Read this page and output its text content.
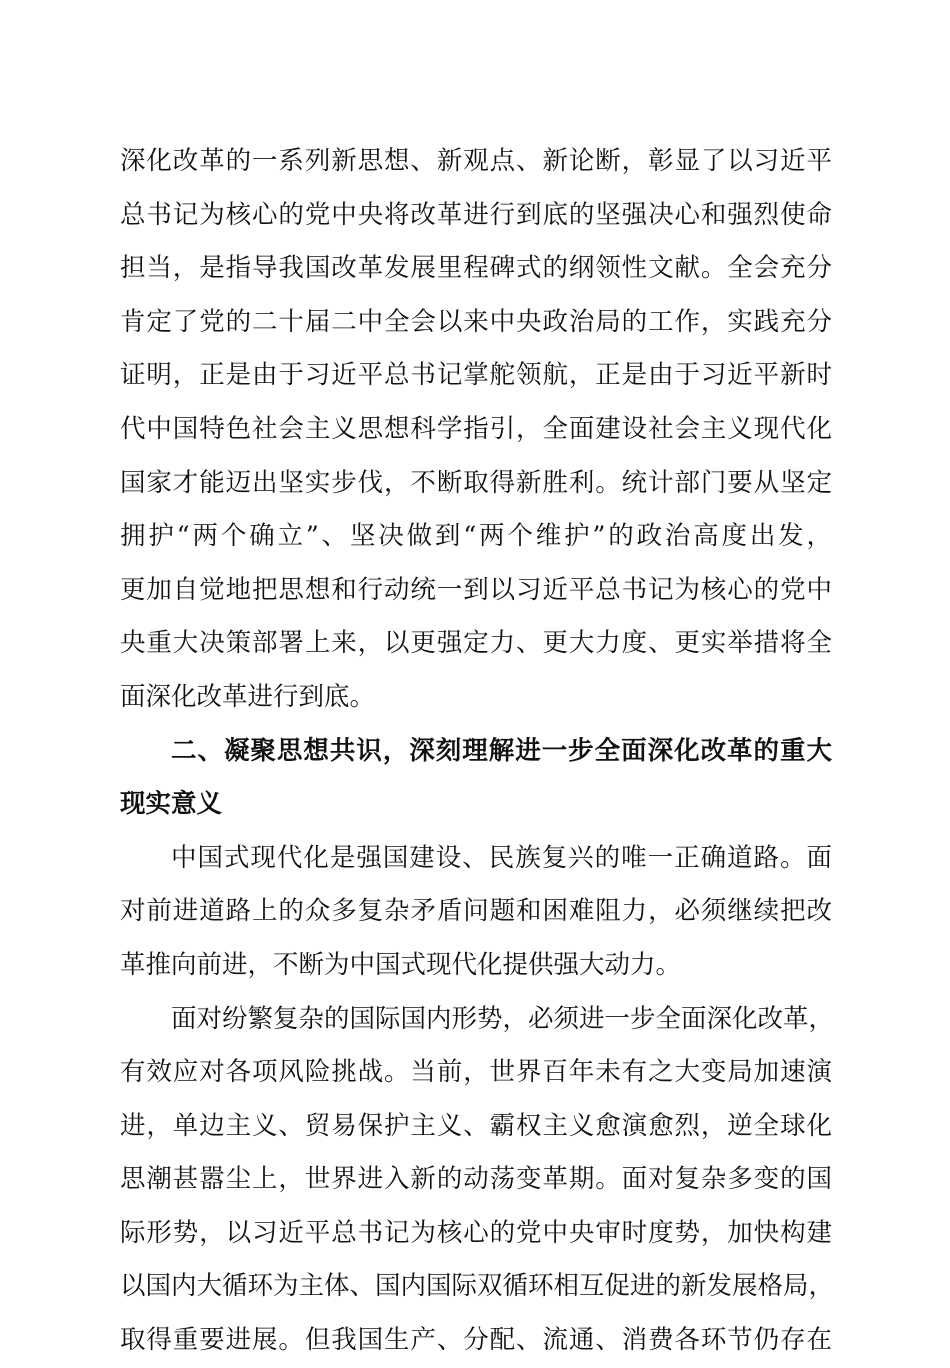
深化改革的一系列新思想、新观点、新论断，彰显了以习近平
总书记为核心的党中央将改革进行到底的坚强决心和强烈使命
担当，是指导我国改革发展里程碑式的纲领性文献。全会充分
肯定了党的二十届二中全会以来中央政治局的工作，实践充分
证明，正是由于习近平总书记掌舵领航，正是由于习近平新时
代中国特色社会主义思想科学指引，全面建设社会主义现代化
国家才能迈出坚实步伐，不断取得新胜利。统计部门要从坚定
拥护“两个确立”、坚决做到“两个维护”的政治高度出发，
更加自觉地把思想和行动统一到以习近平总书记为核心的党中
央重大决策部署上来，以更强定力、更大力度、更实举措将全
面深化改革进行到底。
二、凝聚思想共识，深刻理解进一步全面深化改革的重大
现实意义
中国式现代化是强国建设、民族复兴的唯一正确道路。面
对前进道路上的众多复杂矛盾问题和困难阻力，必须继续把改
革推向前进，不断为中国式现代化提供强大动力。
面对纷繁复杂的国际国内形势，必须进一步全面深化改革，
有效应对各项风险挑战。当前，世界百年未有之大变局加速演
进，单边主义、贸易保护主义、霸权主义愈演愈烈，逆全球化
思潮甚嚣尘上，世界进入新的动荡变革期。面对复杂多变的国
际形势，以习近平总书记为核心的党中央审时度势，加快构建
以国内大循环为主体、国内国际双循环相互促进的新发展格局，
取得重要进展。但我国生产、分配、流通、消费各环节仍存在
